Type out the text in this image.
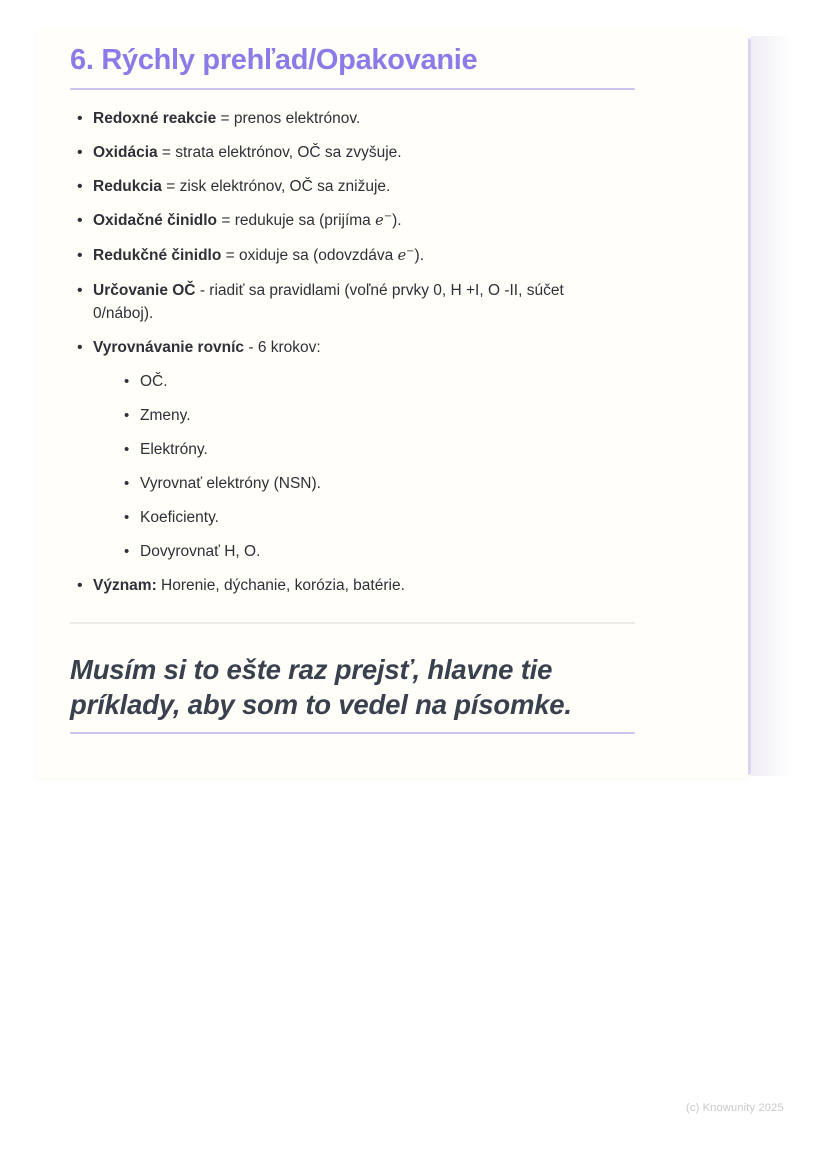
6. Rýchly prehľad/Opakovanie
• Redoxné reakcie = prenos elektrónov.
• Oxidácia = strata elektrónov, OČ sa zvyšuje.
• Redukcia = zisk elektrónov, OČ sa znižuje.
• Oxidačné činidlo = redukuje sa (prijíma e−).
• Redukčné činidlo = oxiduje sa (odovzdáva e−).
• Určovanie OČ - riadiť sa pravidlami (voľné prvky 0, H +I, O -II, súčet 0/náboj).
• Vyrovnávanie rovníc - 6 krokov:
• OČ.
• Zmeny.
• Elektróny.
• Vyrovnať elektróny (NSN).
• Koeficienty.
• Dovyrovnať H, O.
• Význam: Horenie, dýchanie, korózia, batérie.
Musím si to ešte raz prejsť, hlavne tie príklady, aby som to vedel na písomke.
(c) Knowunity 2025
